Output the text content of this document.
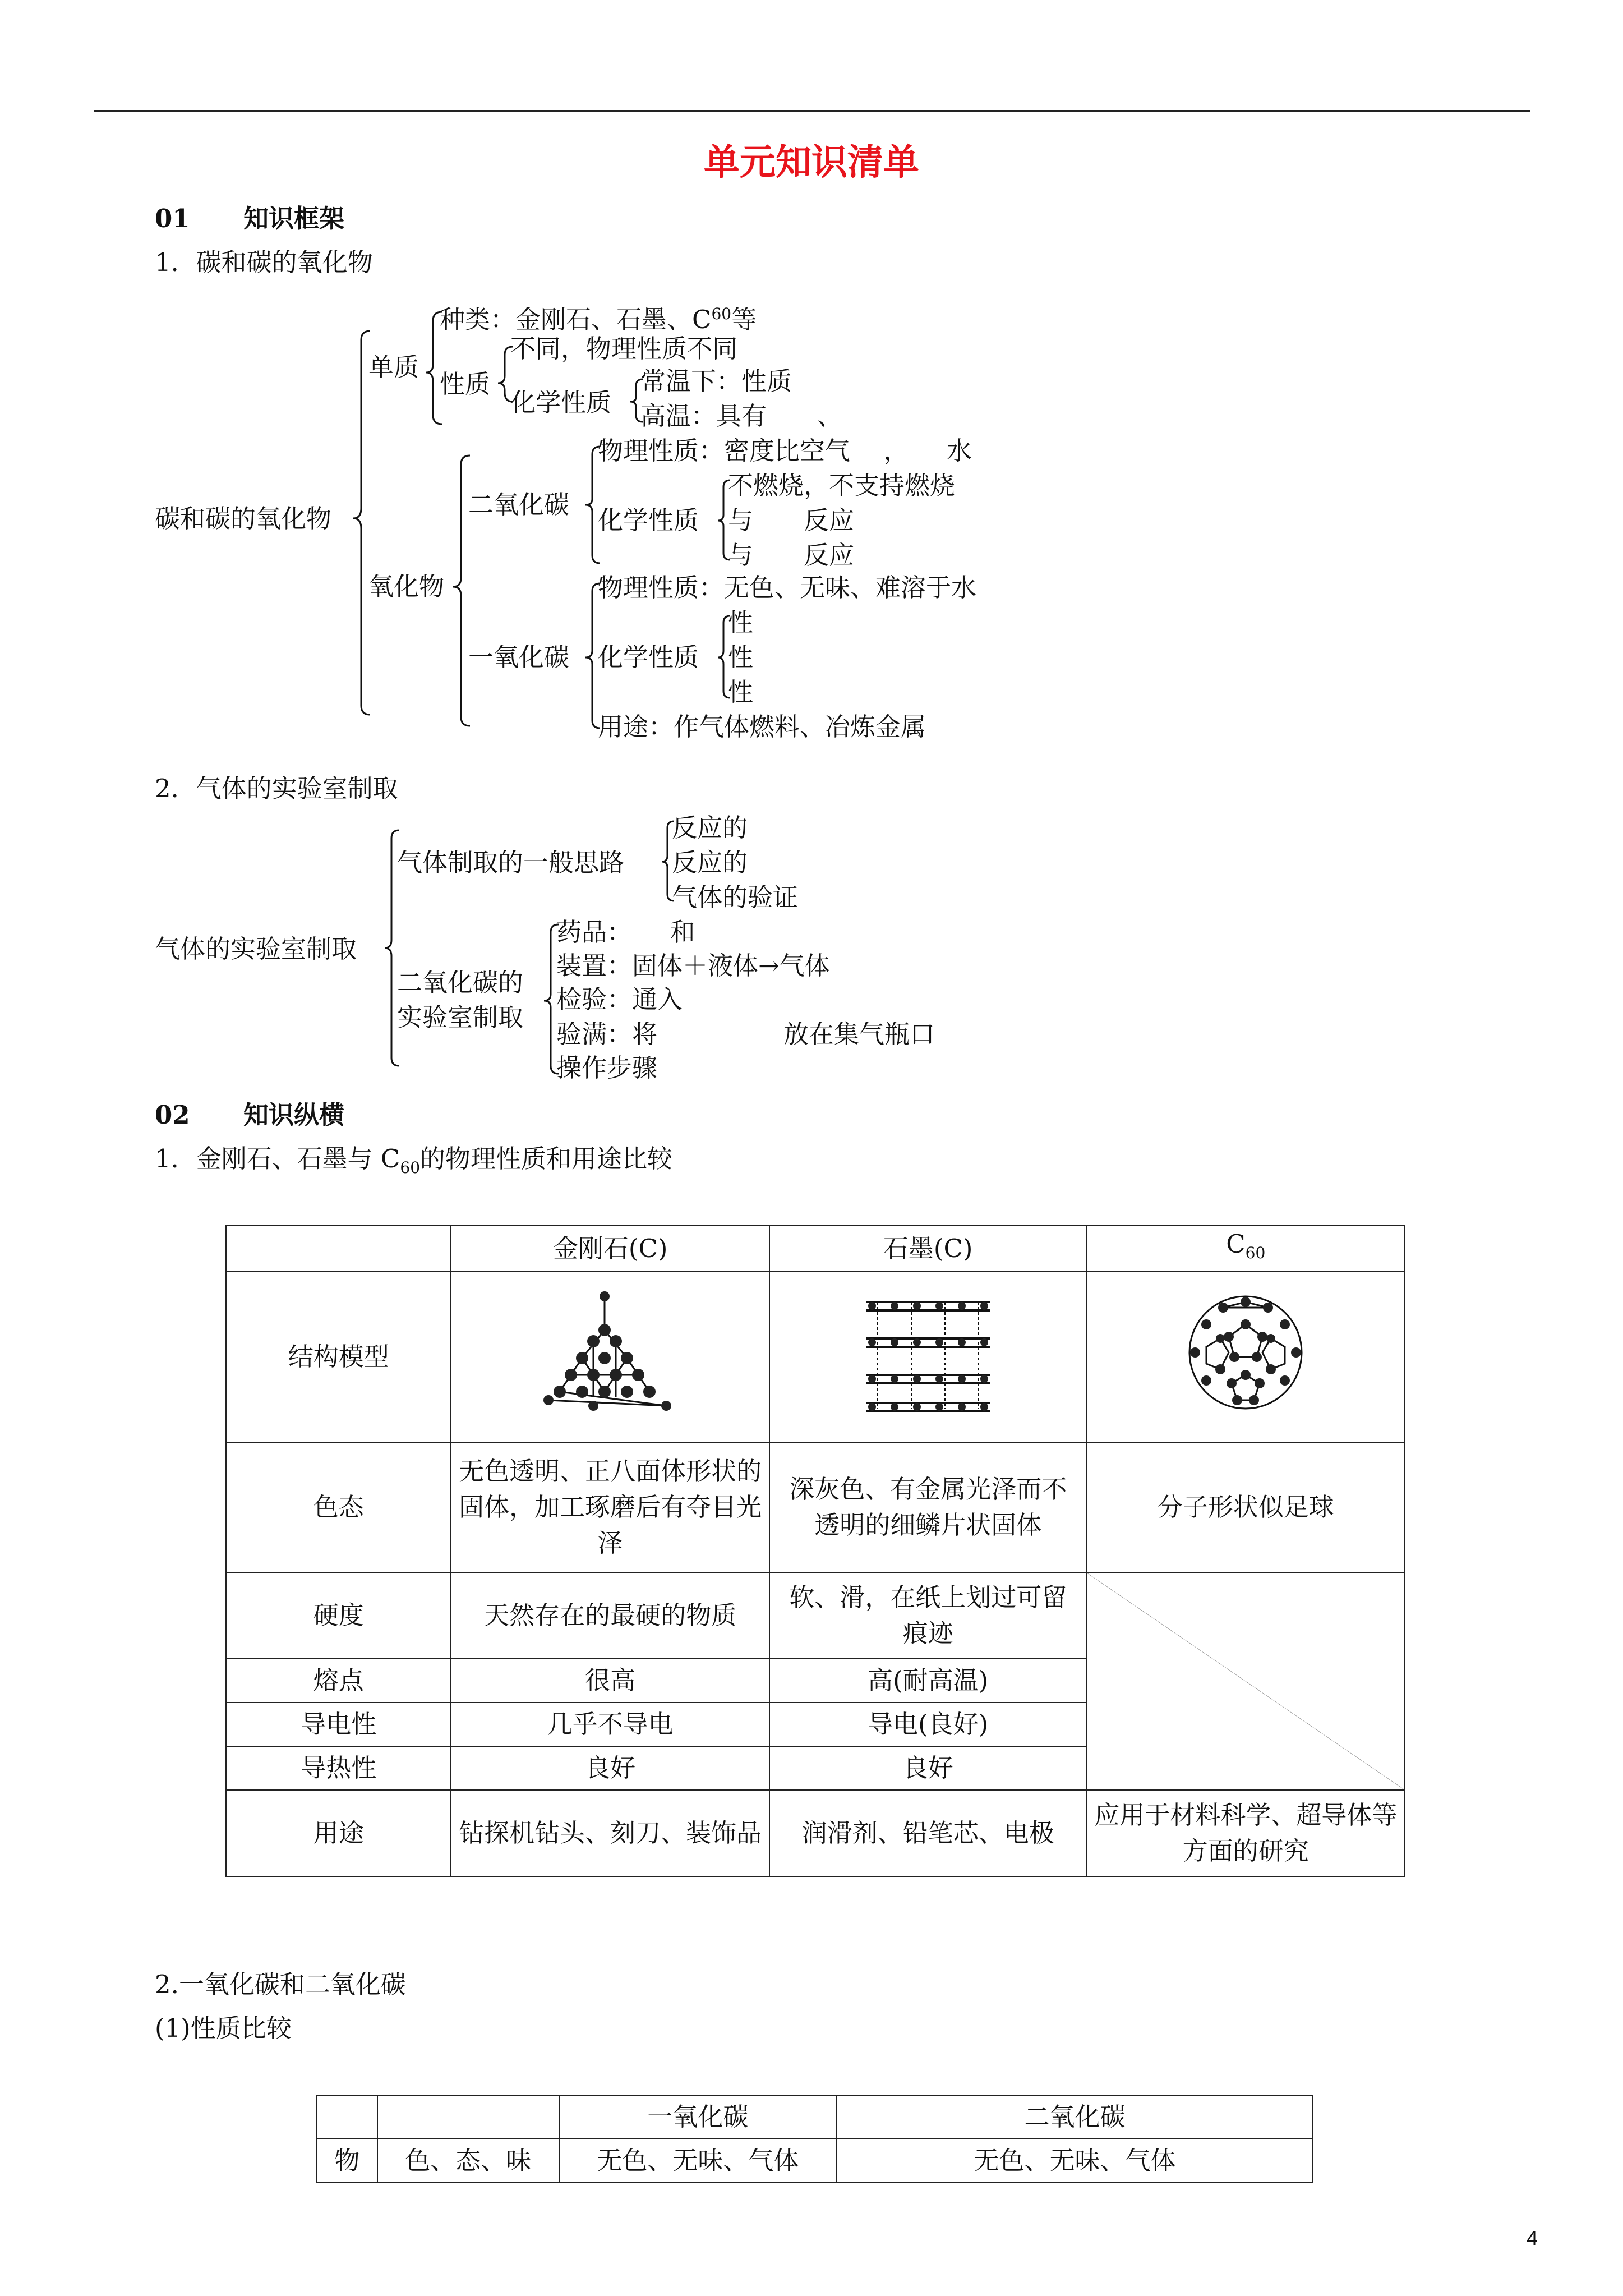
单元知识清单
01 知识框架
1．碳和碳的氧化物
碳和碳的氧化物
单质
种类：金刚石、石墨、$C^{60}$等
性质
不同，物理性质不同
化学性质
常温下：性质
高温：具有　　、
氧化物
二氧化碳
物理性质：密度比空气　 ，　　水
化学性质
不燃烧，不支持燃烧
与　　反应
与　　反应
一氧化碳
物理性质：无色、无味、难溶于水
化学性质
性
性
性
用途：作气体燃料、冶炼金属
2．气体的实验室制取
气体的实验室制取
气体制取的一般思路
反应的
反应的
气体的验证
二氧化碳的
实验室制取
药品：　　和
装置：固体＋液体→气体
检验：通入
验满：将　　　　　放在集气瓶口
操作步骤
02 知识纵横
1．金刚石、石墨与 $C_{60}$的物理性质和用途比较
	金刚石(C)	石墨(C)	$C_{60}$
结构模型			
色态	无色透明、正八面体形状的固体，加工琢磨后有夺目光泽	深灰色、有金属光泽而不透明的细鳞片状固体	分子形状似足球
硬度	天然存在的最硬的物质	软、滑，在纸上划过可留痕迹	

熔点	很高	高(耐高温)	
导电性	几乎不导电	导电(良好)	
导热性	良好	良好	
用途	钻探机钻头、刻刀、装饰品	润滑剂、铅笔芯、电极	应用于材料科学、超导体等方面的研究
2.一氧化碳和二氧化碳
(1)性质比较
		一氧化碳	二氧化碳
物	色、态、味	无色、无味、气体	无色、无味、气体
4
